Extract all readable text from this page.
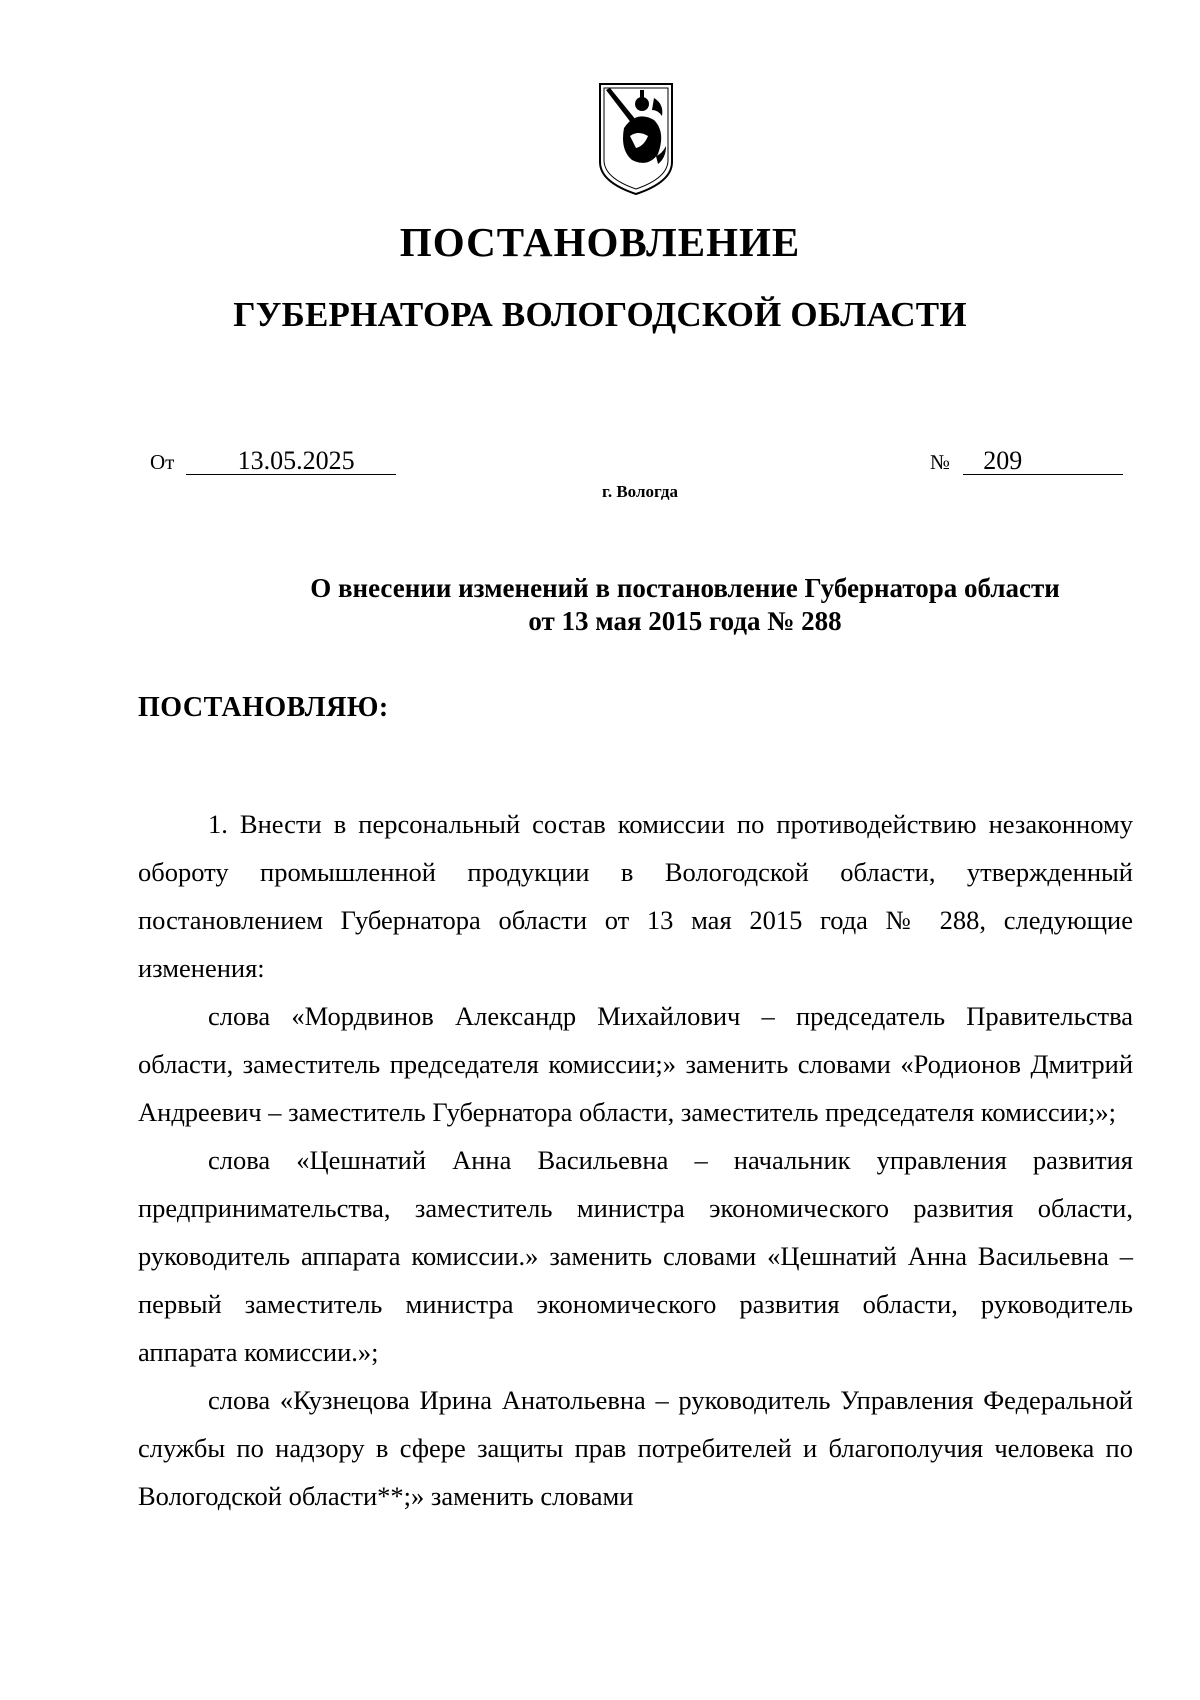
ПОСТАНОВЛЕНИЕ
ГУБЕРНАТОРА ВОЛОГОДСКОЙ ОБЛАСТИ
От 13.05.2025	№ 209
г. Вологда
О внесении изменений в постановление Губернатора области
от 13 мая 2015 года № 288

ПОСТАНОВЛЯЮ:

1. Внести в персональный состав комиссии по противодействию незаконному обороту промышленной продукции в Вологодской области, утвержденный постановлением Губернатора области от 13 мая 2015 года № 288, следующие изменения:

слова «Мордвинов Александр Михайлович – председатель Правительства области, заместитель председателя комиссии;» заменить словами «Родионов Дмитрий Андреевич – заместитель Губернатора области, заместитель председателя комиссии;»;

слова «Цешнатий Анна Васильевна – начальник управления развития предпринимательства, заместитель министра экономического развития области, руководитель аппарата комиссии.» заменить словами «Цешнатий Анна Васильевна – первый заместитель министра экономического развития области, руководитель аппарата комиссии.»;

слова «Кузнецова Ирина Анатольевна – руководитель Управления Федеральной службы по надзору в сфере защиты прав потребителей и благополучия человека по Вологодской области**;» заменить словами
